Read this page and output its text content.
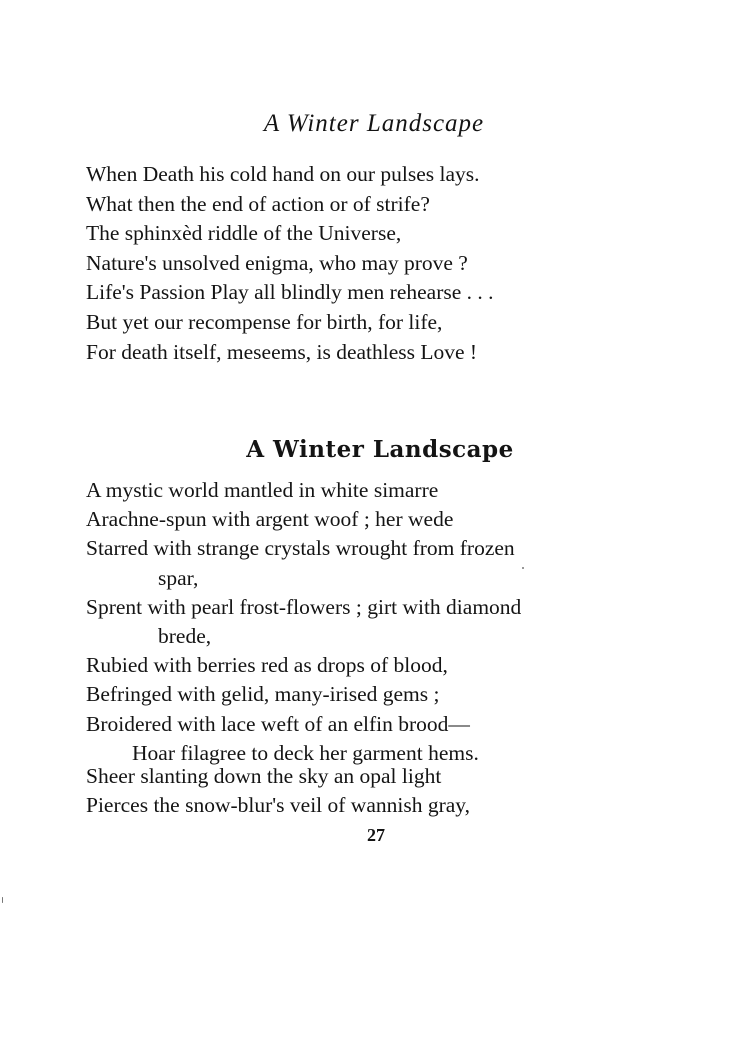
A Winter Landscape
When Death his cold hand on our pulses lays.
What then the end of action or of strife?
The sphinxèd riddle of the Universe,
Nature's unsolved enigma, who may prove ?
Life's Passion Play all blindly men rehearse . . .
But yet our recompense for birth, for life,
For death itself, meseems, is deathless Love !
A Winter Landscape
A mystic world mantled in white simarre
Arachne-spun with argent woof ; her wede
Starred with strange crystals wrought from frozen
spar,
Sprent with pearl frost-flowers ; girt with diamond
brede,
Rubied with berries red as drops of blood,
Befringed with gelid, many-irised gems ;
Broidered with lace weft of an elfin brood—
Hoar filagree to deck her garment hems.
Sheer slanting down the sky an opal light
Pierces the snow-blur's veil of wannish gray,
27
